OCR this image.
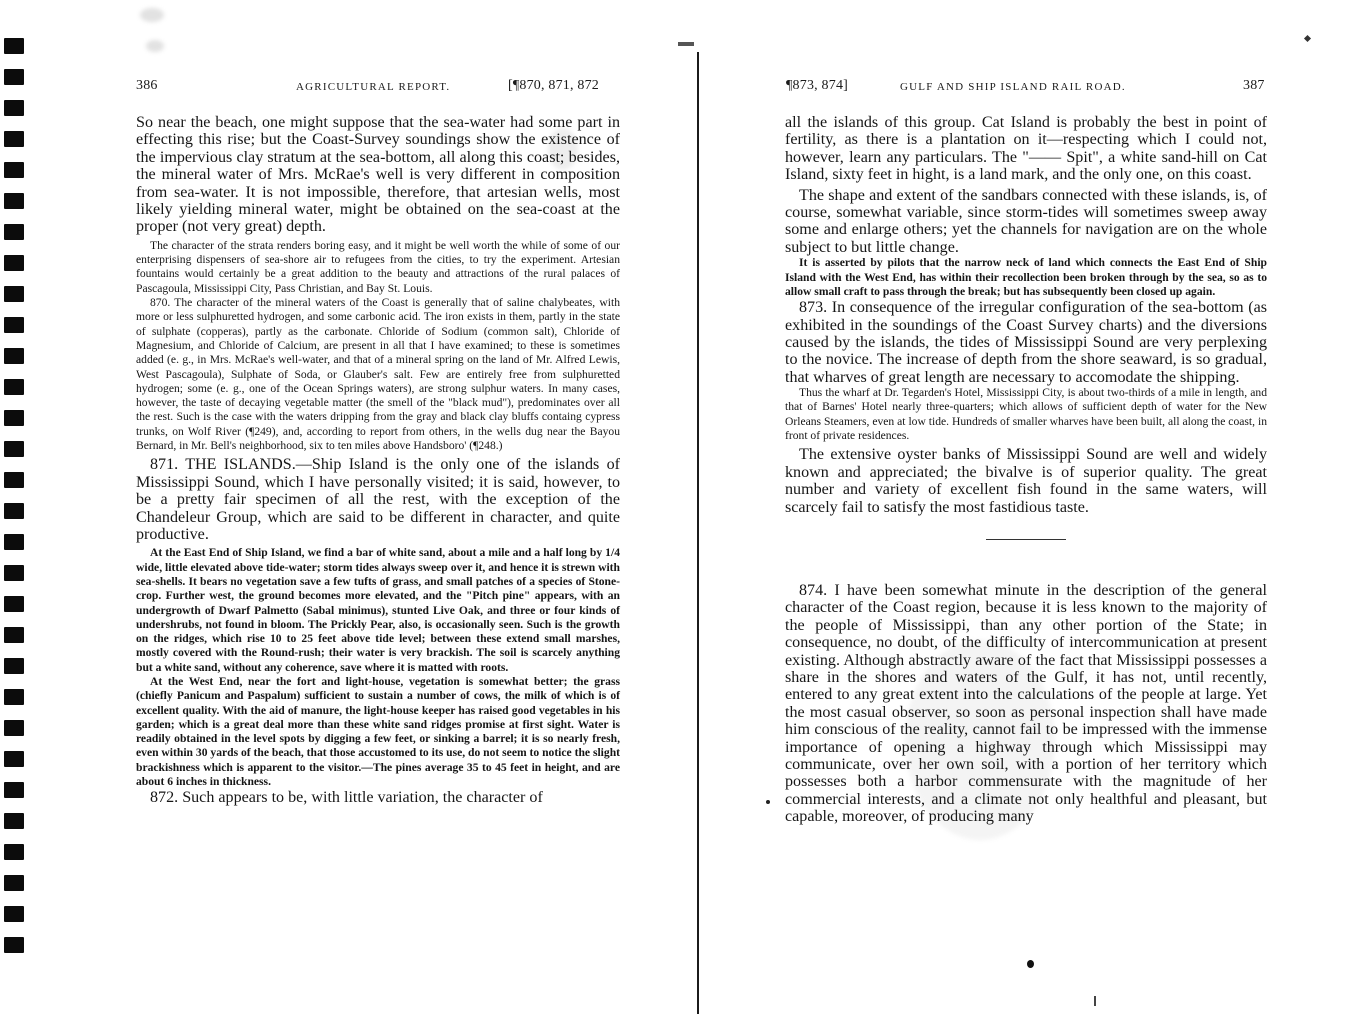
386	AGRICULTURAL REPORT.	[¶870, 871, 872

So near the beach, one might suppose that the sea-water had some part in effecting this rise; but the Coast-Survey soundings show the existence of the impervious clay stratum at the sea-bottom, all along this coast; besides, the mineral water of Mrs. McRae's well is very different in composition from sea-water. It is not impossible, therefore, that artesian wells, most likely yielding mineral water, might be obtained on the sea-coast at the proper (not very great) depth.

The character of the strata renders boring easy, and it might be well worth the while of some of our enterprising dispensers of sea-shore air to refugees from the cities, to try the experiment. Artesian fountains would certainly be a great addition to the beauty and attractions of the rural palaces of Pascagoula, Mississippi City, Pass Christian, and Bay St. Louis.

870. The character of the mineral waters of the Coast is generally that of saline chalybeates, with more or less sulphuretted hydrogen, and some carbonic acid. The iron exists in them, partly in the state of sulphate (copperas), partly as the carbonate. Chloride of Sodium (common salt), Chloride of Magnesium, and Chloride of Calcium, are present in all that I have examined; to these is sometimes added (e. g., in Mrs. McRae's well-water, and that of a mineral spring on the land of Mr. Alfred Lewis, West Pascagoula), Sulphate of Soda, or Glauber's salt. Few are entirely free from sulphuretted hydrogen; some (e. g., one of the Ocean Springs waters), are strong sulphur waters. In many cases, however, the taste of decaying vegetable matter (the smell of the "black mud"), predominates over all the rest. Such is the case with the waters dripping from the gray and black clay bluffs containg cypress trunks, on Wolf River (¶249), and, according to report from others, in the wells dug near the Bayou Bernard, in Mr. Bell's neighborhood, six to ten miles above Handsboro' (¶248.)

871. THE ISLANDS.—Ship Island is the only one of the islands of Mississippi Sound, which I have personally visited; it is said, however, to be a pretty fair specimen of all the rest, with the exception of the Chandeleur Group, which are said to be different in character, and quite productive.

At the East End of Ship Island, we find a bar of white sand, about a mile and a half long by 1/4 wide, little elevated above tide-water; storm tides always sweep over it, and hence it is strewn with sea-shells. It bears no vegetation save a few tufts of grass, and small patches of a species of Stone-crop. Further west, the ground becomes more elevated, and the "Pitch pine" appears, with an undergrowth of Dwarf Palmetto (Sabal minimus), stunted Live Oak, and three or four kinds of undershrubs, not found in bloom. The Prickly Pear, also, is occasionally seen. Such is the growth on the ridges, which rise 10 to 25 feet above tide level; between these extend small marshes, mostly covered with the Round-rush; their water is very brackish. The soil is scarcely anything but a white sand, without any coherence, save where it is matted with roots.

At the West End, near the fort and light-house, vegetation is somewhat better; the grass (chiefly Panicum and Paspalum) sufficient to sustain a number of cows, the milk of which is of excellent quality. With the aid of manure, the light-house keeper has raised good vegetables in his garden; which is a great deal more than these white sand ridges promise at first sight. Water is readily obtained in the level spots by digging a few feet, or sinking a barrel; it is so nearly fresh, even within 30 yards of the beach, that those accustomed to its use, do not seem to notice the slight brackishness which is apparent to the visitor.—The pines average 35 to 45 feet in height, and are about 6 inches in thickness.

872. Such appears to be, with little variation, the character of

¶873, 874]	GULF AND SHIP ISLAND RAIL ROAD.	387

all the islands of this group. Cat Island is probably the best in point of fertility, as there is a plantation on it—respecting which I could not, however, learn any particulars. The "—— Spit", a white sand-hill on Cat Island, sixty feet in hight, is a land mark, and the only one, on this coast.

The shape and extent of the sandbars connected with these islands, is, of course, somewhat variable, since storm-tides will sometimes sweep away some and enlarge others; yet the channels for navigation are on the whole subject to but little change.

It is asserted by pilots that the narrow neck of land which connects the East End of Ship Island with the West End, has within their recollection been broken through by the sea, so as to allow small craft to pass through the break; but has subsequently been closed up again.

873. In consequence of the irregular configuration of the sea-bottom (as exhibited in the soundings of the Coast Survey charts) and the diversions caused by the islands, the tides of Mississippi Sound are very perplexing to the novice. The increase of depth from the shore seaward, is so gradual, that wharves of great length are necessary to accomodate the shipping.

Thus the wharf at Dr. Tegarden's Hotel, Mississippi City, is about two-thirds of a mile in length, and that of Barnes' Hotel nearly three-quarters; which allows of sufficient depth of water for the New Orleans Steamers, even at low tide. Hundreds of smaller wharves have been built, all along the coast, in front of private residences.

The extensive oyster banks of Mississippi Sound are well and widely known and appreciated; the bivalve is of superior quality. The great number and variety of excellent fish found in the same waters, will scarcely fail to satisfy the most fastidious taste.

874. I have been somewhat minute in the description of the general character of the Coast region, because it is less known to the majority of the people of Mississippi, than any other portion of the State; in consequence, no doubt, of the difficulty of intercommunication at present existing. Although abstractly aware of the fact that Mississippi possesses a share in the shores and waters of the Gulf, it has not, until recently, entered to any great extent into the calculations of the people at large. Yet the most casual observer, so soon as personal inspection shall have made him conscious of the reality, cannot fail to be impressed with the immense importance of opening a highway through which Mississippi may communicate, over her own soil, with a portion of her territory which possesses both a harbor commensurate with the magnitude of her commercial interests, and a climate not only healthful and pleasant, but capable, moreover, of producing many
